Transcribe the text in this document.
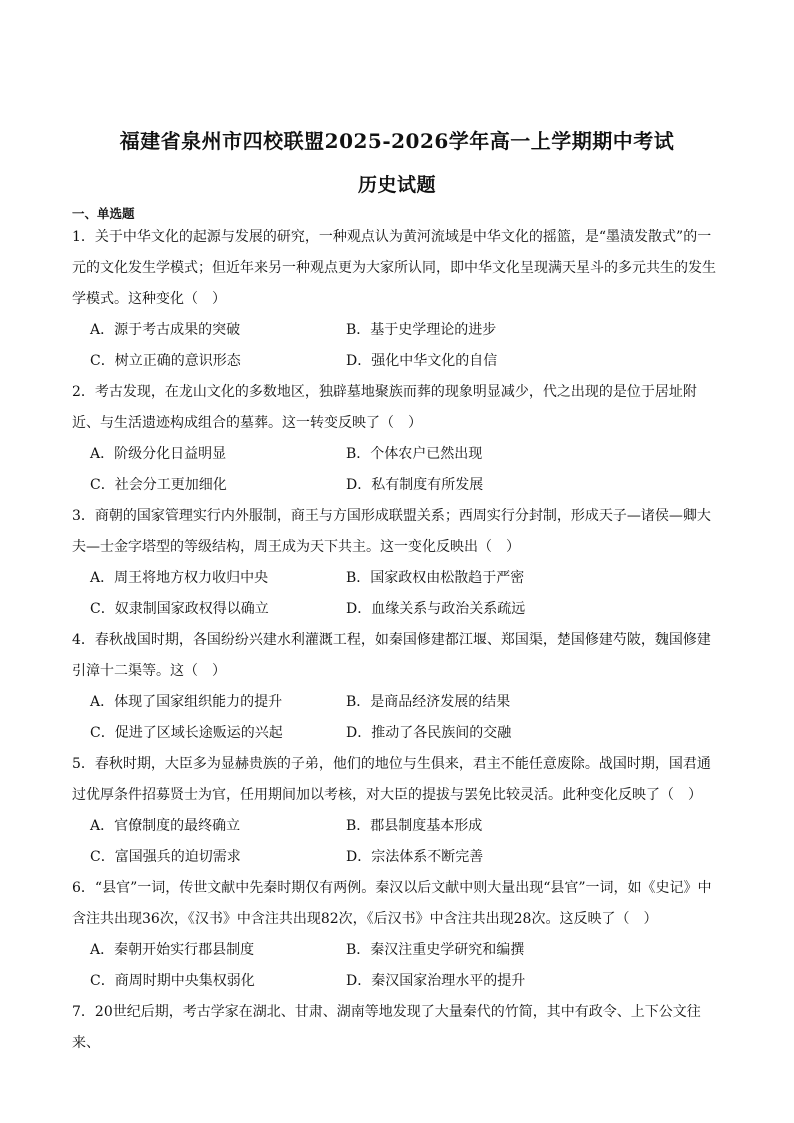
福建省泉州市四校联盟2025-2026学年高一上学期期中考试
历史试题
一、单选题

1．关于中华文化的起源与发展的研究，一种观点认为黄河流域是中华文化的摇篮，是“墨渍发散式”的一元的文化发生学模式；但近年来另一种观点更为大家所认同，即中华文化呈现满天星斗的多元共生的发生学模式。这种变化（　）

A．源于考古成果的突破	B．基于史学理论的进步
C．树立正确的意识形态	D．强化中华文化的自信

2．考古发现，在龙山文化的多数地区，独辟墓地聚族而葬的现象明显减少，代之出现的是位于居址附近、与生活遗迹构成组合的墓葬。这一转变反映了（　）

A．阶级分化日益明显	B．个体农户已然出现
C．社会分工更加细化	D．私有制度有所发展

3．商朝的国家管理实行内外服制，商王与方国形成联盟关系；西周实行分封制，形成天子—诸侯—卿大夫—士金字塔型的等级结构，周王成为天下共主。这一变化反映出（　）

A．周王将地方权力收归中央	B．国家政权由松散趋于严密
C．奴隶制国家政权得以确立	D．血缘关系与政治关系疏远

4．春秋战国时期，各国纷纷兴建水利灌溉工程，如秦国修建都江堰、郑国渠，楚国修建芍陂，魏国修建引漳十二渠等。这（　）

A．体现了国家组织能力的提升	B．是商品经济发展的结果
C．促进了区域长途贩运的兴起	D．推动了各民族间的交融

5．春秋时期，大臣多为显赫贵族的子弟，他们的地位与生俱来，君主不能任意废除。战国时期，国君通过优厚条件招募贤士为官，任用期间加以考核，对大臣的提拔与罢免比较灵活。此种变化反映了（　）

A．官僚制度的最终确立	B．郡县制度基本形成
C．富国强兵的迫切需求	D．宗法体系不断完善

6．“县官”一词，传世文献中先秦时期仅有两例。秦汉以后文献中则大量出现“县官”一词，如《史记》中含注共出现36次，《汉书》中含注共出现82次，《后汉书》中含注共出现28次。这反映了（　）

A．秦朝开始实行郡县制度	B．秦汉注重史学研究和编撰
C．商周时期中央集权弱化	D．秦汉国家治理水平的提升

7．20世纪后期，考古学家在湖北、甘肃、湖南等地发现了大量秦代的竹简，其中有政令、上下公文往来、
